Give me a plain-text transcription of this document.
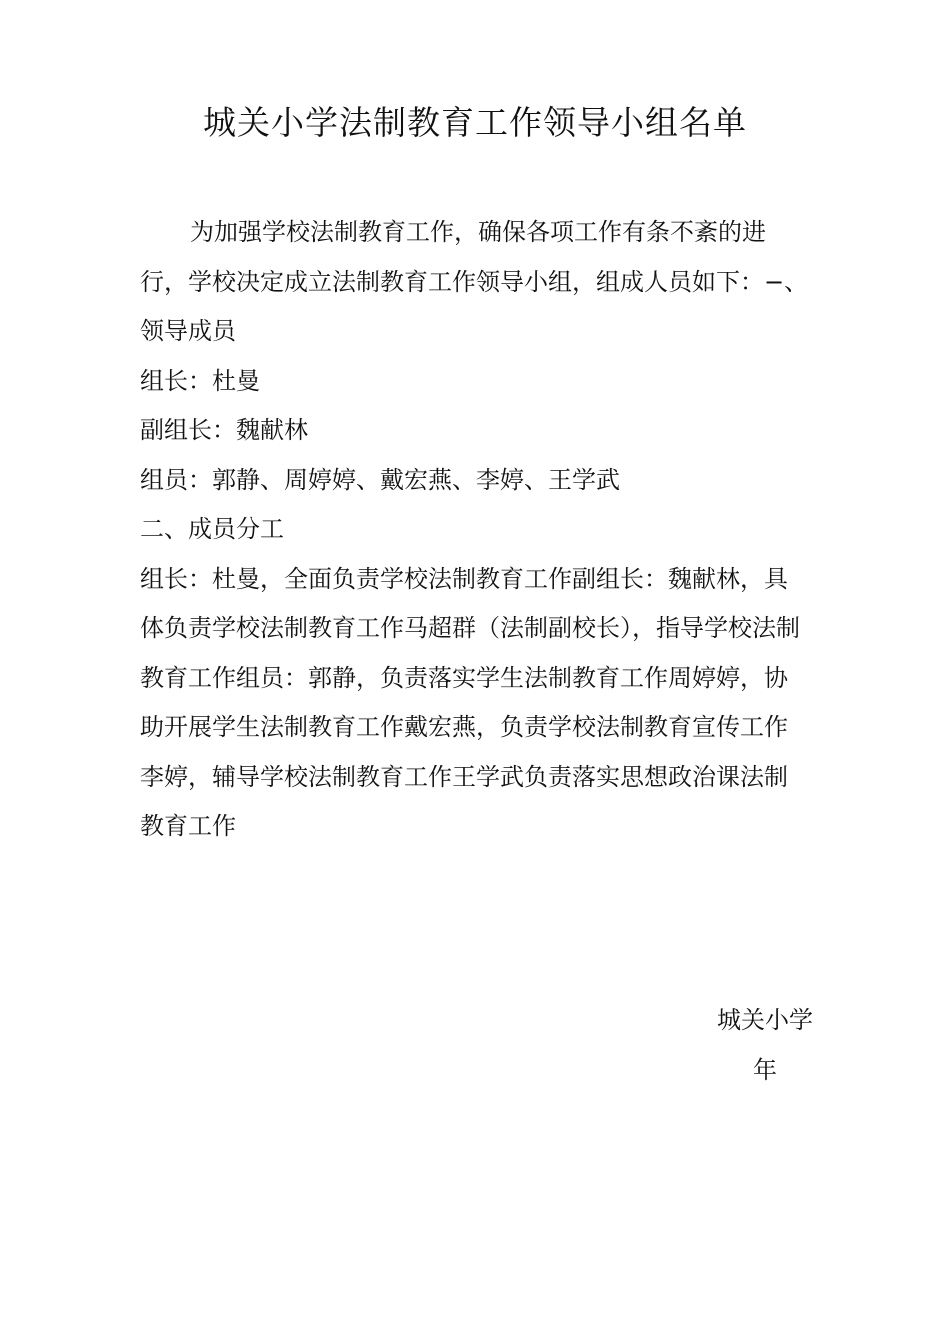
城关小学法制教育工作领导小组名单

为加强学校法制教育工作，确保各项工作有条不紊的进行，学校决定成立法制教育工作领导小组，组成人员如下：−、领导成员

组长：杜曼

副组长：魏献林

组员：郭静、周婷婷、戴宏燕、李婷、王学武

二、成员分工

组长：杜曼，全面负责学校法制教育工作副组长：魏献林，具体负责学校法制教育工作马超群（法制副校长），指导学校法制教育工作组员：郭静，负责落实学生法制教育工作周婷婷，协助开展学生法制教育工作戴宏燕，负责学校法制教育宣传工作李婷，辅导学校法制教育工作王学武负责落实思想政治课法制教育工作

城关小学
年
